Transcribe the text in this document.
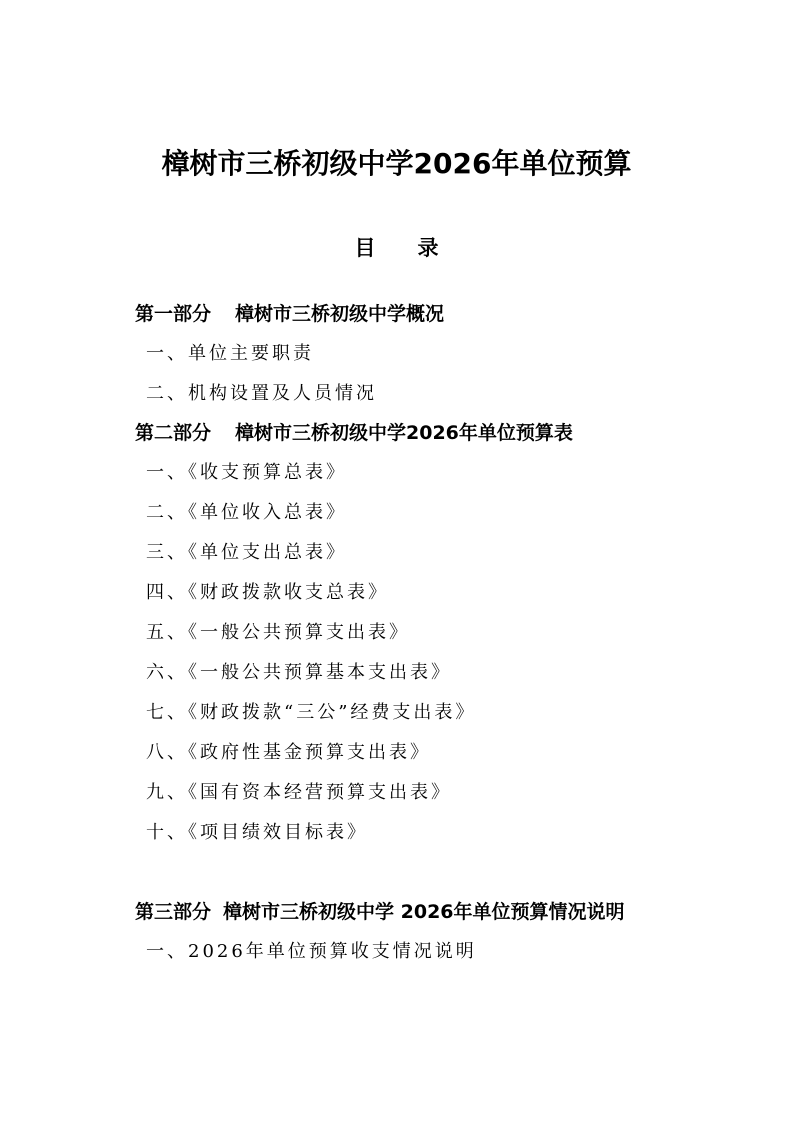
樟树市三桥初级中学2026年单位预算
目 录
第一部分 樟树市三桥初级中学概况
一、单位主要职责
二、机构设置及人员情况
第二部分 樟树市三桥初级中学2026年单位预算表
一、《收支预算总表》
二、《单位收入总表》
三、《单位支出总表》
四、《财政拨款收支总表》
五、《一般公共预算支出表》
六、《一般公共预算基本支出表》
七、《财政拨款“三公”经费支出表》
八、《政府性基金预算支出表》
九、《国有资本经营预算支出表》
十、《项目绩效目标表》
第三部分 樟树市三桥初级中学 2026年单位预算情况说明
一、2026年单位预算收支情况说明
